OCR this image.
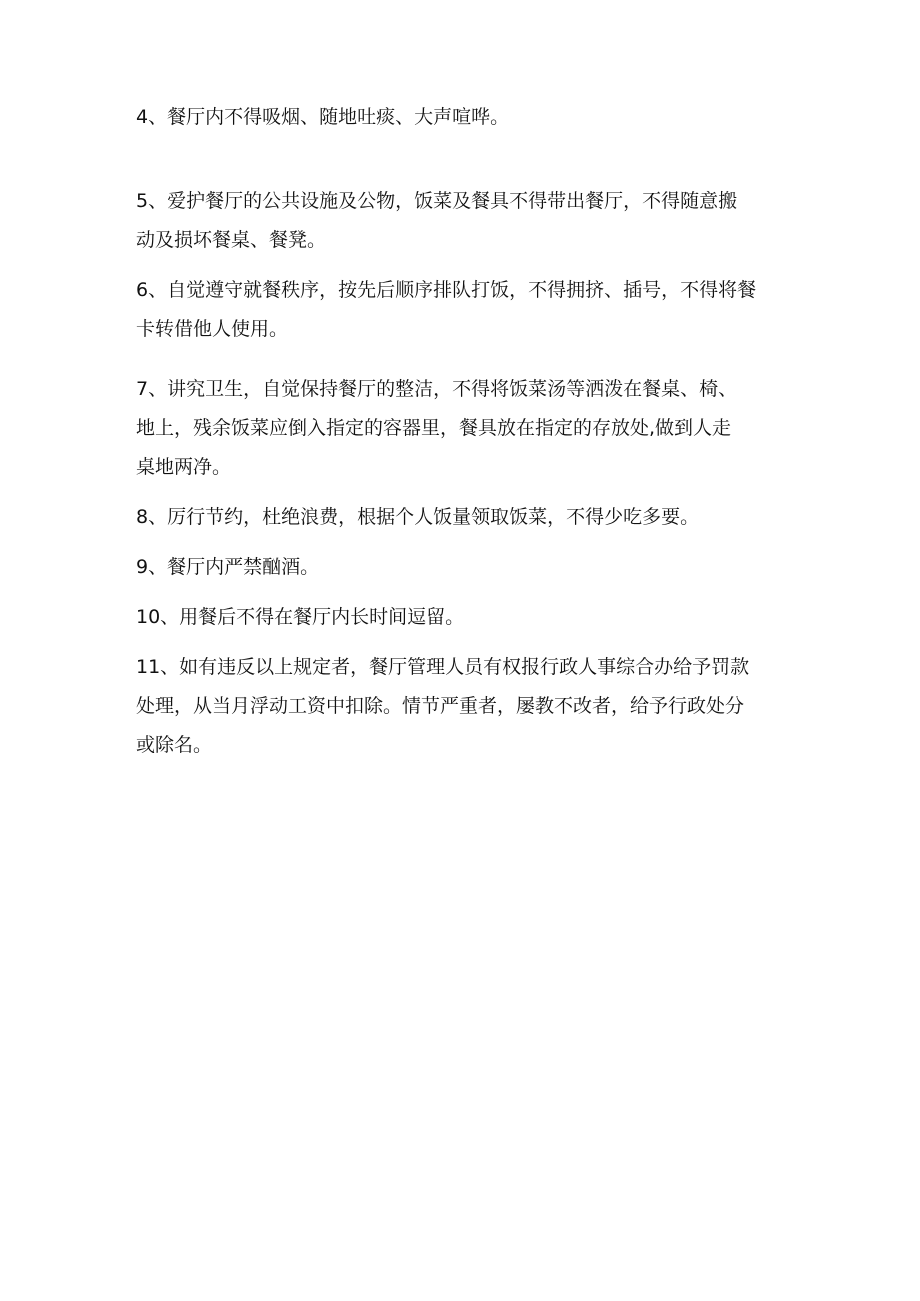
4、餐厅内不得吸烟、随地吐痰、大声喧哗。

5、爱护餐厅的公共设施及公物，饭菜及餐具不得带出餐厅，不得随意搬
动及损坏餐桌、餐凳。

6、自觉遵守就餐秩序，按先后顺序排队打饭，不得拥挤、插号，不得将餐
卡转借他人使用。

7、讲究卫生，自觉保持餐厅的整洁，不得将饭菜汤等洒泼在餐桌、椅、
地上，残余饭菜应倒入指定的容器里，餐具放在指定的存放处,做到人走
桌地两净。

8、厉行节约，杜绝浪费，根据个人饭量领取饭菜，不得少吃多要。

9、餐厅内严禁酗酒。

10、用餐后不得在餐厅内长时间逗留。

11、如有违反以上规定者，餐厅管理人员有权报行政人事综合办给予罚款
处理，从当月浮动工资中扣除。情节严重者，屡教不改者，给予行政处分
或除名。
